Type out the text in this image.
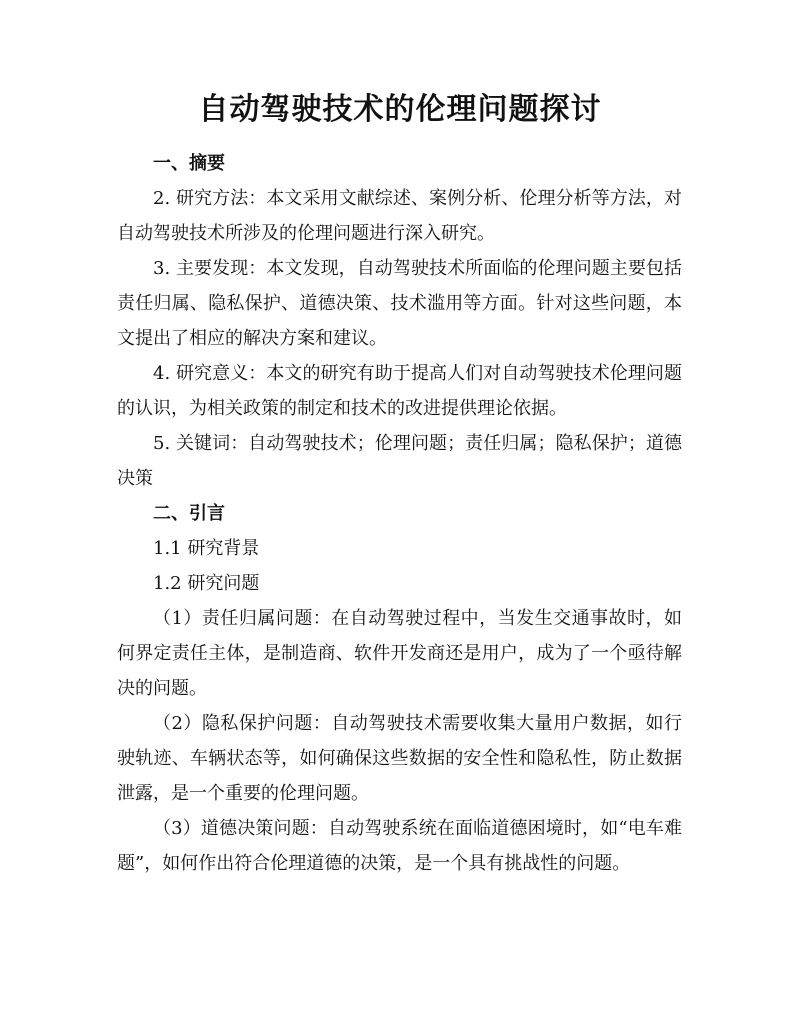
自动驾驶技术的伦理问题探讨

一、摘要

2. 研究方法：本文采用文献综述、案例分析、伦理分析等方法，对自动驾驶技术所涉及的伦理问题进行深入研究。

3. 主要发现：本文发现，自动驾驶技术所面临的伦理问题主要包括责任归属、隐私保护、道德决策、技术滥用等方面。针对这些问题，本文提出了相应的解决方案和建议。

4. 研究意义：本文的研究有助于提高人们对自动驾驶技术伦理问题的认识，为相关政策的制定和技术的改进提供理论依据。

5. 关键词：自动驾驶技术；伦理问题；责任归属；隐私保护；道德决策

二、引言

1.1 研究背景

1.2 研究问题

（1）责任归属问题：在自动驾驶过程中，当发生交通事故时，如何界定责任主体，是制造商、软件开发商还是用户，成为了一个亟待解决的问题。

（2）隐私保护问题：自动驾驶技术需要收集大量用户数据，如行驶轨迹、车辆状态等，如何确保这些数据的安全性和隐私性，防止数据泄露，是一个重要的伦理问题。

（3）道德决策问题：自动驾驶系统在面临道德困境时，如“电车难题”，如何作出符合伦理道德的决策，是一个具有挑战性的问题。
